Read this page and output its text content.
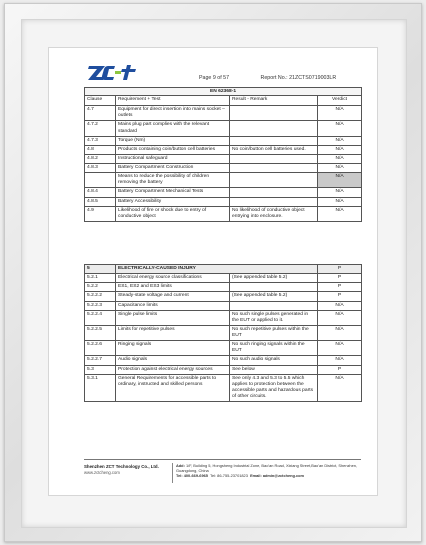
Page 9 of 57	Report No.: 21ZCTS0719003LR
EN 62368-1			
Clause	Requirement + Test	Result - Remark	Verdict
4.7	Equipment for direct insertion into mains socket – outlets		N/A
4.7.2	Mains plug part complies with the relevant standard		N/A
4.7.3	Torque (Nm)		N/A
4.8	Products containing coin/button cell batteries	No coin/button cell batteries used.	N/A
4.8.2	Instructional safeguard		N/A
4.8.3	Battery Compartment Construction		N/A
	Means to reduce the possibility of children removing the battery		N/A
4.8.4	Battery Compartment Mechanical Tests		N/A
4.8.5	Battery Accessibility		N/A
4.9	Likelihood of fire or shock due to entry of conductive object	No likelihood of conductive object entrying into enclosure.	N/A
5	ELECTRICALLY-CAUSED INJURY		P
5.2.1	Electrical energy source classifications	(See appended table 5.2)	P
5.2.2	ES1, ES2 and ES3 limits		P
5.2.2.2	Steady-state voltage and current	(See appended table 5.2)	P
5.2.2.3	Capacitance limits		N/A
5.2.2.4	Single pulse limits	No such single pulses generated in the EUT or applied to it.	N/A
5.2.2.5	Limits for repetitive pulses	No such repetitive pulses within the EUT	N/A
5.2.2.6	Ringing signals	No such ringing signals within the EUT	N/A
5.2.2.7	Audio signals	No such audio signals	N/A
5.3	Protection against electrical energy sources	See below	P
5.3.1	General Requirements for accessible parts to ordinary, instructed and skilled persons	See only 4.3 and 5.3 to 5.5 which applies to protection between the accessible parts and hazardous parts of other circuits.	N/A
Shenzhen ZCT Technology Co., Ltd.
www.zctcheng.com
Add: 1/F, Building 5, Hongsheng Industrial Zone, Bao'an Road, Xixiang Street,Bao'an District, Shenzhen, Guangdong, China
Tel: 400-669-6965 Tel: 86-755-23701823 Email: admin@zctcheng.com
